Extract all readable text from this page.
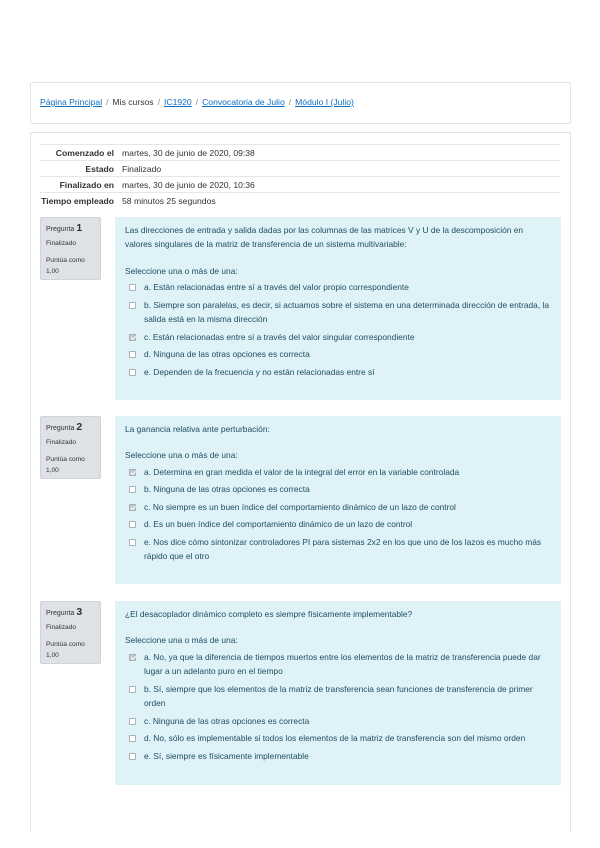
Página Principal / Mis cursos / IC1920 / Convocatoria de Julio / Módulo I (Julio)
Comenzado el martes, 30 de junio de 2020, 09:38
Estado Finalizado
Finalizado en martes, 30 de junio de 2020, 10:36
Tiempo empleado 58 minutos 25 segundos
Pregunta 1
Finalizado
Puntúa como 1,00
Las direcciones de entrada y salida dadas por las columnas de las matrices V y U de la descomposición en valores singulares de la matriz de transferencia de un sistema multivariable:
Seleccione una o más de una:
a. Están relacionadas entre sí a través del valor propio correspondiente
b. Siempre son paralelas, es decir, si actuamos sobre el sistema en una determinada dirección de entrada, la salida está en la misma dirección
c. Están relacionadas entre sí a través del valor singular correspondiente
d. Ninguna de las otras opciones es correcta
e. Dependen de la frecuencia y no están relacionadas entre sí
Pregunta 2
Finalizado
Puntúa como 1,00
La ganancia relativa ante perturbación:
Seleccione una o más de una:
a. Determina en gran medida el valor de la integral del error en la variable controlada
b. Ninguna de las otras opciones es correcta
c. No siempre es un buen índice del comportamiento dinámico de un lazo de control
d. Es un buen índice del comportamiento dinámico de un lazo de control
e. Nos dice cómo sintonizar controladores PI para sistemas 2x2 en los que uno de los lazos es mucho más rápido que el otro
Pregunta 3
Finalizado
Puntúa como 1,00
¿El desacoplador dinámico completo es siempre físicamente implementable?
Seleccione una o más de una:
a. No, ya que la diferencia de tiempos muertos entre los elementos de la matriz de transferencia puede dar lugar a un adelanto puro en el tiempo
b. Sí, siempre que los elementos de la matriz de transferencia sean funciones de transferencia de primer orden
c. Ninguna de las otras opciones es correcta
d. No, sólo es implementable si todos los elementos de la matriz de transferencia son del mismo orden
e. Sí, siempre es físicamente implementable
